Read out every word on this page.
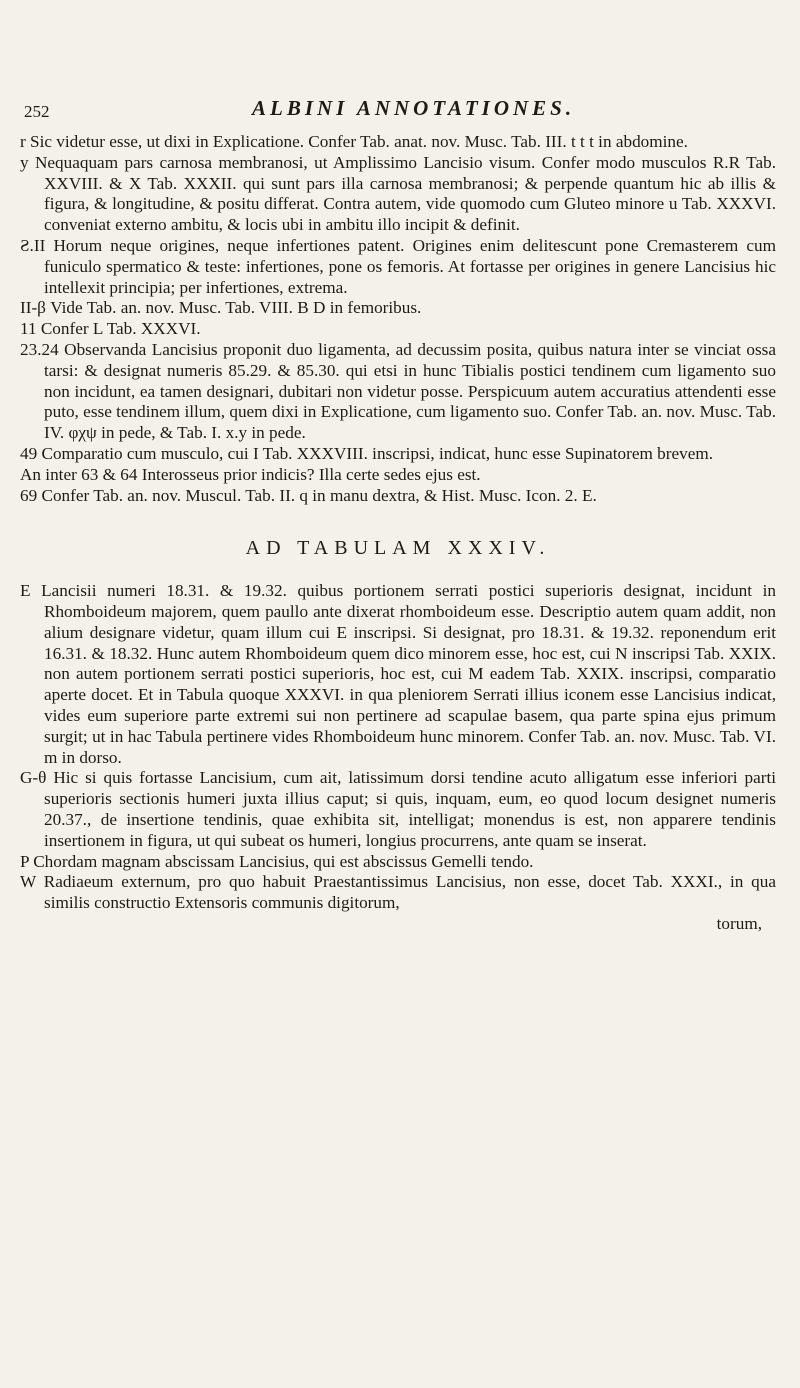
252	ALBINI ANNOTATIONES.

r Sic videtur esse, ut dixi in Explicatione. Confer Tab. anat. nov. Musc. Tab. III. t t t in abdomine.

y Nequaquam pars carnosa membranosi, ut Amplissimo Lancisio visum. Confer modo musculos R.R Tab. XXVIII. & X Tab. XXXII. qui sunt pars illa carnosa membranosi; & perpende quantum hic ab illis & figura, & longitudine, & positu differat. Contra autem, vide quomodo cum Gluteo minore u Tab. XXXVI. conveniat externo ambitu, & locis ubi in ambitu illo incipit & definit.

Ƨ.II Horum neque origines, neque infertiones patent. Origines enim delitescunt pone Cremasterem cum funiculo spermatico & teste: infertiones, pone os femoris. At fortasse per origines in genere Lancisius hic intellexit principia; per infertiones, extrema.

II-β Vide Tab. an. nov. Musc. Tab. VIII. B D in femoribus.

11 Confer L Tab. XXXVI.

23.24 Observanda Lancisius proponit duo ligamenta, ad decussim posita, quibus natura inter se vinciat ossa tarsi: & designat numeris 85.29. & 85.30. qui etsi in hunc Tibialis postici tendinem cum ligamento suo non incidunt, ea tamen designari, dubitari non videtur posse. Perspicuum autem accuratius attendenti esse puto, esse tendinem illum, quem dixi in Explicatione, cum ligamento suo. Confer Tab. an. nov. Musc. Tab. IV. φχψ in pede, & Tab. I. x.y in pede.

49 Comparatio cum musculo, cui I Tab. XXXVIII. inscripsi, indicat, hunc esse Supinatorem brevem.

An inter 63 & 64 Interosseus prior indicis? Illa certe sedes ejus est.

69 Confer Tab. an. nov. Muscul. Tab. II. q in manu dextra, & Hist. Musc. Icon. 2. E.

AD TABULAM XXXIV.

E Lancisii numeri 18.31. & 19.32. quibus portionem serrati postici superioris designat, incidunt in Rhomboideum majorem, quem paullo ante dixerat rhomboideum esse. Descriptio autem quam addit, non alium designare videtur, quam illum cui E inscripsi. Si designat, pro 18.31. & 19.32. reponendum erit 16.31. & 18.32. Hunc autem Rhomboideum quem dico minorem esse, hoc est, cui N inscripsi Tab. XXIX. non autem portionem serrati postici superioris, hoc est, cui M eadem Tab. XXIX. inscripsi, comparatio aperte docet. Et in Tabula quoque XXXVI. in qua pleniorem Serrati illius iconem esse Lancisius indicat, vides eum superiore parte extremi sui non pertinere ad scapulae basem, qua parte spina ejus primum surgit; ut in hac Tabula pertinere vides Rhomboideum hunc minorem. Confer Tab. an. nov. Musc. Tab. VI. m in dorso.

G-θ Hic si quis fortasse Lancisium, cum ait, latissimum dorsi tendine acuto alligatum esse inferiori parti superioris sectionis humeri juxta illius caput; si quis, inquam, eum, eo quod locum designet numeris 20.37., de insertione tendinis, quae exhibita sit, intelligat; monendus is est, non apparere tendinis insertionem in figura, ut qui subeat os humeri, longius procurrens, ante quam se inserat.

P Chordam magnam abscissam Lancisius, qui est abscissus Gemelli tendo.

W Radiaeum externum, pro quo habuit Praestantissimus Lancisius, non esse, docet Tab. XXXI., in qua similis constructio Extensoris communis digitorum,

torum,
